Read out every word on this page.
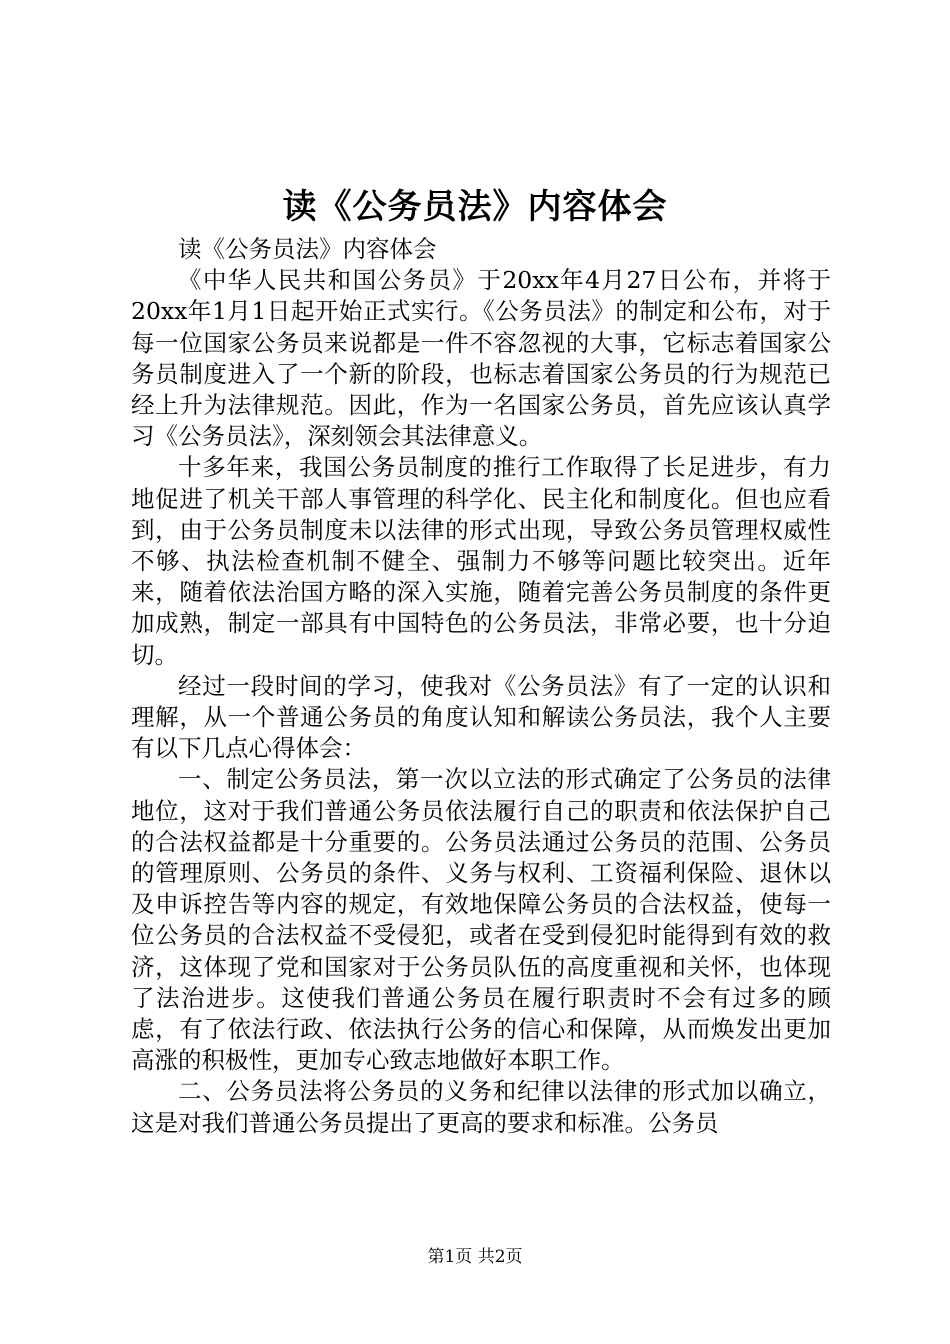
读《公务员法》内容体会

读《公务员法》内容体会

《中华人民共和国公务员》于20xx年4月27日公布，并将于20xx年1月1日起开始正式实行。《公务员法》的制定和公布，对于每一位国家公务员来说都是一件不容忽视的大事，它标志着国家公务员制度进入了一个新的阶段，也标志着国家公务员的行为规范已经上升为法律规范。因此，作为一名国家公务员，首先应该认真学习《公务员法》，深刻领会其法律意义。

十多年来，我国公务员制度的推行工作取得了长足进步，有力地促进了机关干部人事管理的科学化、民主化和制度化。但也应看到，由于公务员制度未以法律的形式出现，导致公务员管理权威性不够、执法检查机制不健全、强制力不够等问题比较突出。近年来，随着依法治国方略的深入实施，随着完善公务员制度的条件更加成熟，制定一部具有中国特色的公务员法，非常必要，也十分迫切。

经过一段时间的学习，使我对《公务员法》有了一定的认识和理解，从一个普通公务员的角度认知和解读公务员法，我个人主要有以下几点心得体会：

一、制定公务员法，第一次以立法的形式确定了公务员的法律地位，这对于我们普通公务员依法履行自己的职责和依法保护自己的合法权益都是十分重要的。公务员法通过公务员的范围、公务员的管理原则、公务员的条件、义务与权利、工资福利保险、退休以及申诉控告等内容的规定，有效地保障公务员的合法权益，使每一位公务员的合法权益不受侵犯，或者在受到侵犯时能得到有效的救济，这体现了党和国家对于公务员队伍的高度重视和关怀，也体现了法治进步。这使我们普通公务员在履行职责时不会有过多的顾虑，有了依法行政、依法执行公务的信心和保障，从而焕发出更加高涨的积极性，更加专心致志地做好本职工作。

二、公务员法将公务员的义务和纪律以法律的形式加以确立，这是对我们普通公务员提出了更高的要求和标准。公务员

第1页 共2页
